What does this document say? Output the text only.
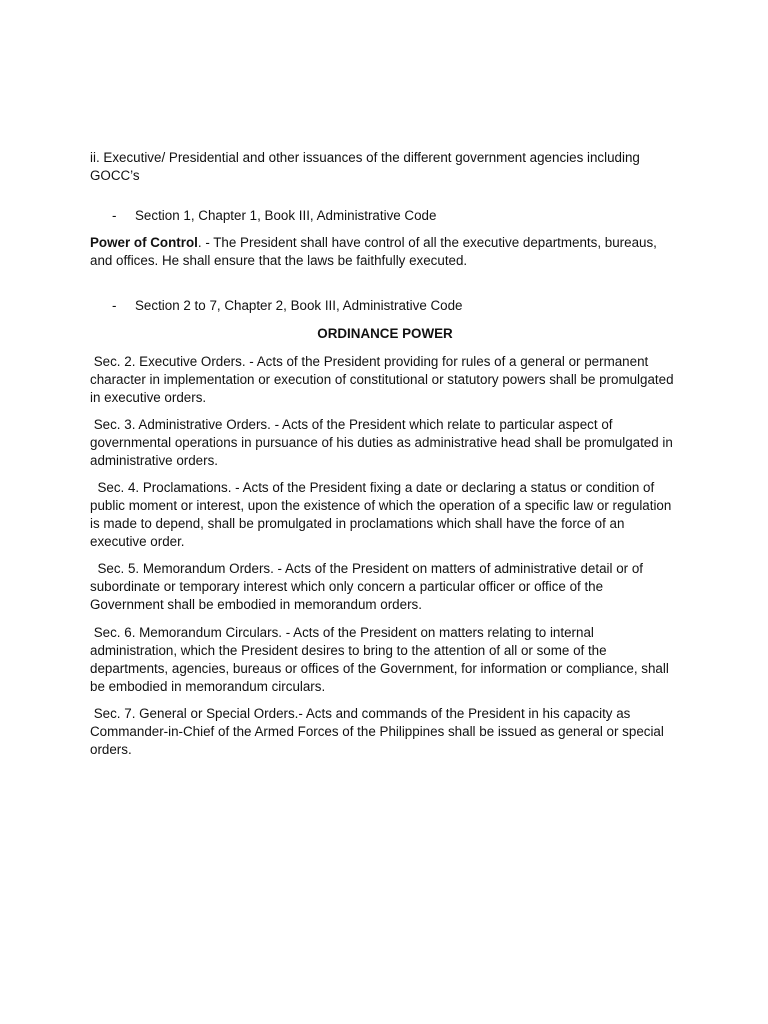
ii. Executive/ Presidential and other issuances of the different government agencies including GOCC’s

-	Section 1, Chapter 1, Book III, Administrative Code

Power of Control. - The President shall have control of all the executive departments, bureaus, and offices. He shall ensure that the laws be faithfully executed.

-	Section 2 to 7, Chapter 2, Book III, Administrative Code

ORDINANCE POWER

Sec. 2. Executive Orders. - Acts of the President providing for rules of a general or permanent character in implementation or execution of constitutional or statutory powers shall be promulgated in executive orders.

Sec. 3. Administrative Orders. - Acts of the President which relate to particular aspect of governmental operations in pursuance of his duties as administrative head shall be promulgated in administrative orders.

Sec. 4. Proclamations. - Acts of the President fixing a date or declaring a status or condition of public moment or interest, upon the existence of which the operation of a specific law or regulation is made to depend, shall be promulgated in proclamations which shall have the force of an executive order.

Sec. 5. Memorandum Orders. - Acts of the President on matters of administrative detail or of subordinate or temporary interest which only concern a particular officer or office of the Government shall be embodied in memorandum orders.

Sec. 6. Memorandum Circulars. - Acts of the President on matters relating to internal administration, which the President desires to bring to the attention of all or some of the departments, agencies, bureaus or offices of the Government, for information or compliance, shall be embodied in memorandum circulars.

Sec. 7. General or Special Orders.- Acts and commands of the President in his capacity as Commander-in-Chief of the Armed Forces of the Philippines shall be issued as general or special orders.
